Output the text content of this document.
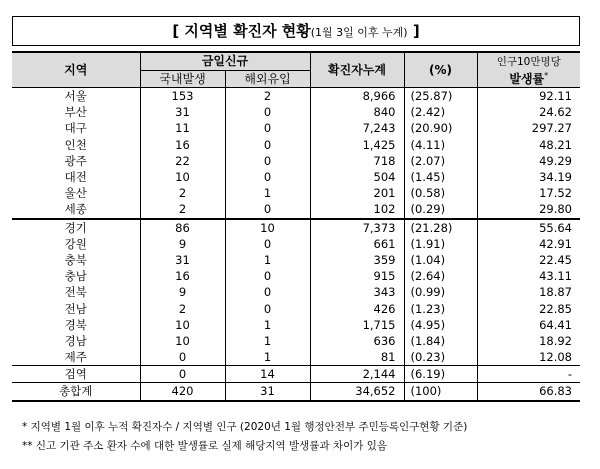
[ 지역별 확진자 현황(1월 3일 이후 누계) ]
지역	금일신규		확진자누계	(%)	인구10만명당
발생률*

	국내발생	해외유입			
서울	153	2	8,966	(25.87)	92.11
부산	31	0	840	(2.42)	24.62
대구	11	0	7,243	(20.90)	297.27
인천	16	0	1,425	(4.11)	48.21
광주	22	0	718	(2.07)	49.29
대전	10	0	504	(1.45)	34.19
울산	2	1	201	(0.58)	17.52
세종	2	0	102	(0.29)	29.80
경기	86	10	7,373	(21.28)	55.64
강원	9	0	661	(1.91)	42.91
충북	31	1	359	(1.04)	22.45
충남	16	0	915	(2.64)	43.11
전북	9	0	343	(0.99)	18.87
전남	2	0	426	(1.23)	22.85
경북	10	1	1,715	(4.95)	64.41
경남	10	1	636	(1.84)	18.92
제주	0	1	81	(0.23)	12.08
검역	0	14	2,144	(6.19)	-
총합계	420	31	34,652	(100)	66.83
* 지역별 1월 이후 누적 확진자수 / 지역별 인구 (2020년 1월 행정안전부 주민등록인구현황 기준)
** 신고 기관 주소 환자 수에 대한 발생률로 실제 해당지역 발생률과 차이가 있음
